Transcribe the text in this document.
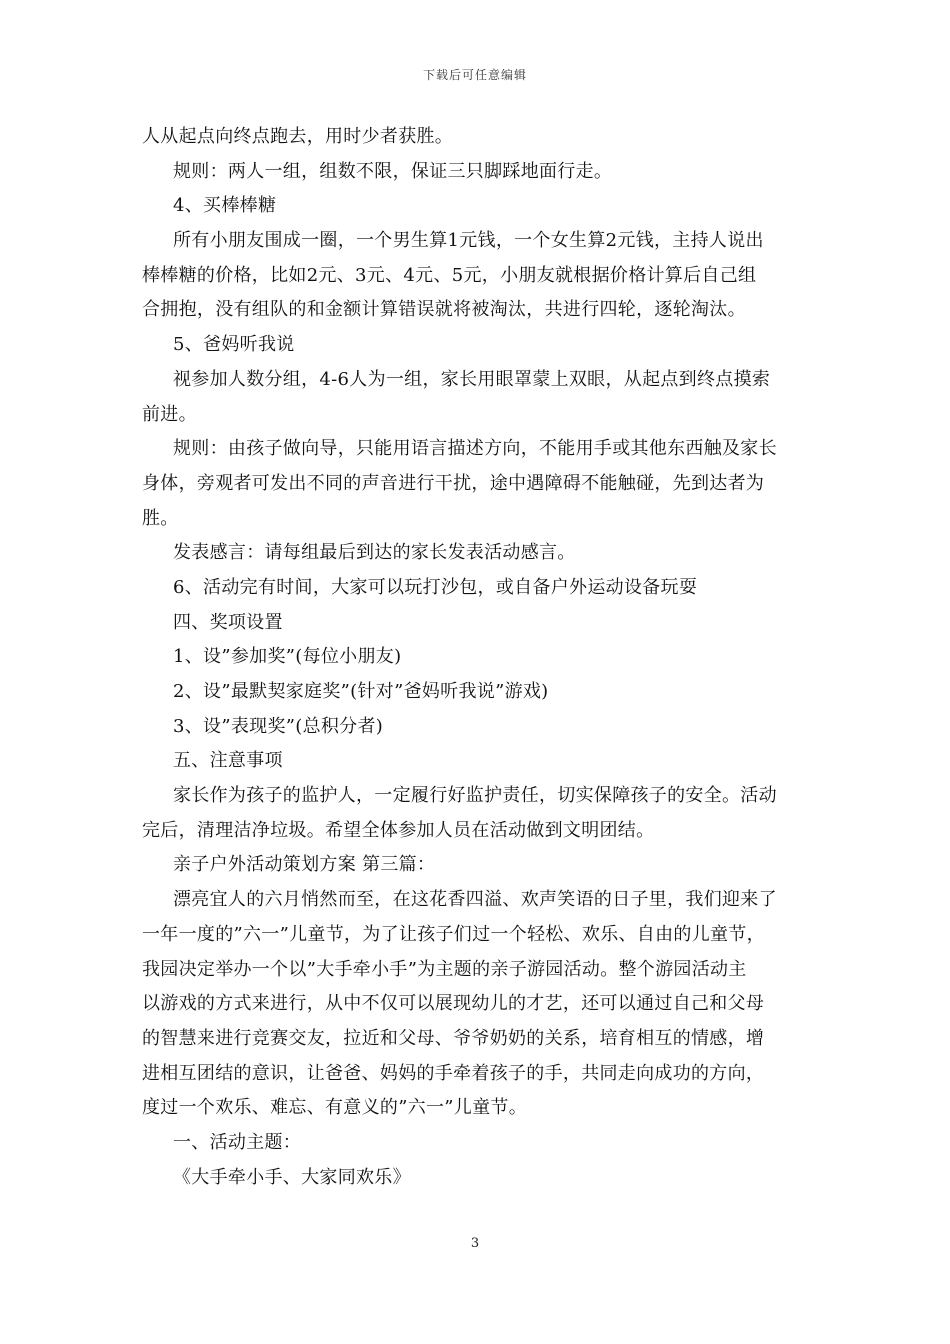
下载后可任意编辑
人从起点向终点跑去，用时少者获胜。
规则：两人一组，组数不限，保证三只脚踩地面行走。
4、买棒棒糖
所有小朋友围成一圈，一个男生算1元钱，一个女生算2元钱，主持人说出
棒棒糖的价格，比如2元、3元、4元、5元，小朋友就根据价格计算后自己组
合拥抱，没有组队的和金额计算错误就将被淘汰，共进行四轮，逐轮淘汰。
5、爸妈听我说
视参加人数分组，4-6人为一组，家长用眼罩蒙上双眼，从起点到终点摸索
前进。
规则：由孩子做向导，只能用语言描述方向，不能用手或其他东西触及家长
身体，旁观者可发出不同的声音进行干扰，途中遇障碍不能触碰，先到达者为
胜。
发表感言：请每组最后到达的家长发表活动感言。
6、活动完有时间，大家可以玩打沙包，或自备户外运动设备玩耍
四、奖项设置
1、设”参加奖”(每位小朋友)
2、设”最默契家庭奖”(针对”爸妈听我说”游戏)
3、设”表现奖”(总积分者)
五、注意事项
家长作为孩子的监护人，一定履行好监护责任，切实保障孩子的安全。活动
完后，清理洁净垃圾。希望全体参加人员在活动做到文明团结。
亲子户外活动策划方案 第三篇：
漂亮宜人的六月悄然而至，在这花香四溢、欢声笑语的日子里，我们迎来了
一年一度的”六一”儿童节，为了让孩子们过一个轻松、欢乐、自由的儿童节，
我园决定举办一个以”大手牵小手”为主题的亲子游园活动。整个游园活动主
以游戏的方式来进行，从中不仅可以展现幼儿的才艺，还可以通过自己和父母
的智慧来进行竞赛交友，拉近和父母、爷爷奶奶的关系，培育相互的情感，增
进相互团结的意识，让爸爸、妈妈的手牵着孩子的手，共同走向成功的方向，
度过一个欢乐、难忘、有意义的”六一”儿童节。
一、活动主题：
《大手牵小手、大家同欢乐》
3
